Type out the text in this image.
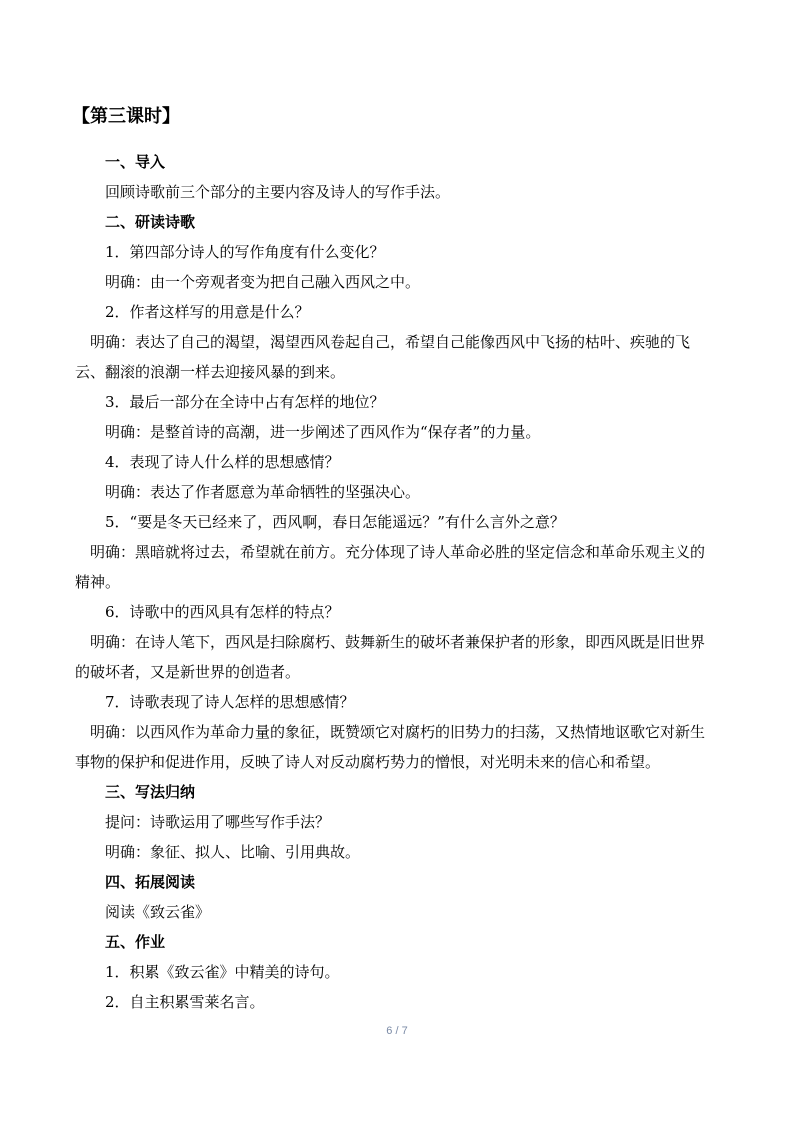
【第三课时】

一、导入

回顾诗歌前三个部分的主要内容及诗人的写作手法。

二、研读诗歌

1．第四部分诗人的写作角度有什么变化？

明确：由一个旁观者变为把自己融入西风之中。

2．作者这样写的用意是什么？

明确：表达了自己的渴望，渴望西风卷起自己，希望自己能像西风中飞扬的枯叶、疾驰的飞云、翻滚的浪潮一样去迎接风暴的到来。

3．最后一部分在全诗中占有怎样的地位？

明确：是整首诗的高潮，进一步阐述了西风作为“保存者”的力量。

4．表现了诗人什么样的思想感情？

明确：表达了作者愿意为革命牺牲的坚强决心。

5．“要是冬天已经来了，西风啊，春日怎能遥远？”有什么言外之意？

明确：黑暗就将过去，希望就在前方。充分体现了诗人革命必胜的坚定信念和革命乐观主义的精神。

6．诗歌中的西风具有怎样的特点？

明确：在诗人笔下，西风是扫除腐朽、鼓舞新生的破坏者兼保护者的形象，即西风既是旧世界的破坏者，又是新世界的创造者。

7．诗歌表现了诗人怎样的思想感情？

明确：以西风作为革命力量的象征，既赞颂它对腐朽的旧势力的扫荡，又热情地讴歌它对新生事物的保护和促进作用，反映了诗人对反动腐朽势力的憎恨，对光明未来的信心和希望。

三、写法归纳

提问：诗歌运用了哪些写作手法？

明确：象征、拟人、比喻、引用典故。

四、拓展阅读

阅读《致云雀》

五、作业

1．积累《致云雀》中精美的诗句。

2．自主积累雪莱名言。

6 / 7
